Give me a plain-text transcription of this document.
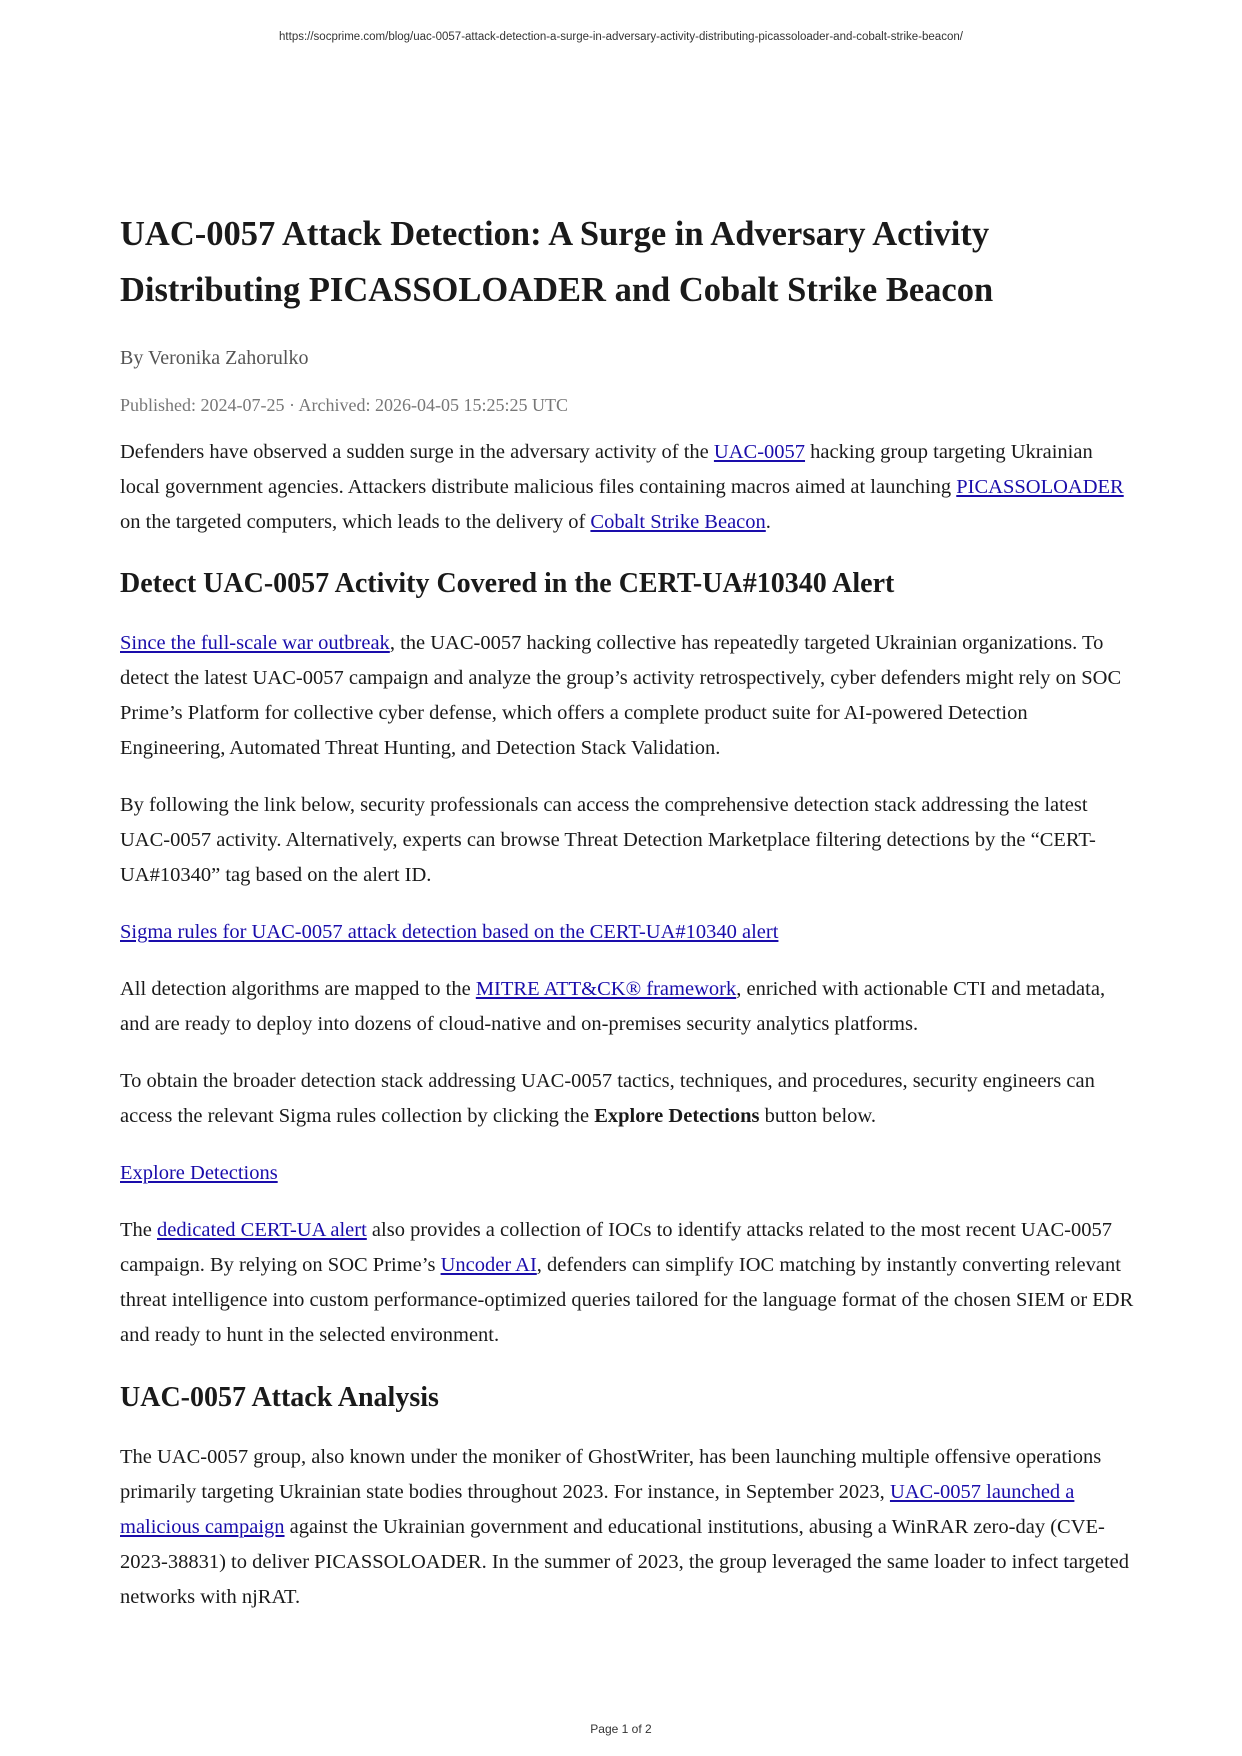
https://socprime.com/blog/uac-0057-attack-detection-a-surge-in-adversary-activity-distributing-picassoloader-and-cobalt-strike-beacon/
UAC-0057 Attack Detection: A Surge in Adversary Activity
Distributing PICASSOLOADER and Cobalt Strike Beacon
By Veronika Zahorulko
Published: 2024-07-25 · Archived: 2026-04-05 15:25:25 UTC

Defenders have observed a sudden surge in the adversary activity of the UAC-0057 hacking group targeting Ukrainian local government agencies. Attackers distribute malicious files containing macros aimed at launching PICASSOLOADER on the targeted computers, which leads to the delivery of Cobalt Strike Beacon.

Detect UAC-0057 Activity Covered in the CERT-UA#10340 Alert

Since the full-scale war outbreak, the UAC-0057 hacking collective has repeatedly targeted Ukrainian organizations. To detect the latest UAC-0057 campaign and analyze the group’s activity retrospectively, cyber defenders might rely on SOC Prime’s Platform for collective cyber defense, which offers a complete product suite for AI-powered Detection Engineering, Automated Threat Hunting, and Detection Stack Validation.

By following the link below, security professionals can access the comprehensive detection stack addressing the latest UAC-0057 activity. Alternatively, experts can browse Threat Detection Marketplace filtering detections by the “CERT-UA#10340” tag based on the alert ID.

Sigma rules for UAC-0057 attack detection based on the CERT-UA#10340 alert

All detection algorithms are mapped to the MITRE ATT&CK® framework, enriched with actionable CTI and metadata, and are ready to deploy into dozens of cloud-native and on-premises security analytics platforms.

To obtain the broader detection stack addressing UAC-0057 tactics, techniques, and procedures, security engineers can access the relevant Sigma rules collection by clicking the Explore Detections button below.

Explore Detections

The dedicated CERT-UA alert also provides a collection of IOCs to identify attacks related to the most recent UAC-0057 campaign. By relying on SOC Prime’s Uncoder AI, defenders can simplify IOC matching by instantly converting relevant threat intelligence into custom performance-optimized queries tailored for the language format of the chosen SIEM or EDR and ready to hunt in the selected environment.

UAC-0057 Attack Analysis

The UAC-0057 group, also known under the moniker of GhostWriter, has been launching multiple offensive operations primarily targeting Ukrainian state bodies throughout 2023. For instance, in September 2023, UAC-0057 launched a malicious campaign against the Ukrainian government and educational institutions, abusing a WinRAR zero-day (CVE-2023-38831) to deliver PICASSOLOADER. In the summer of 2023, the group leveraged the same loader to infect targeted networks with njRAT.

Page 1 of 2
